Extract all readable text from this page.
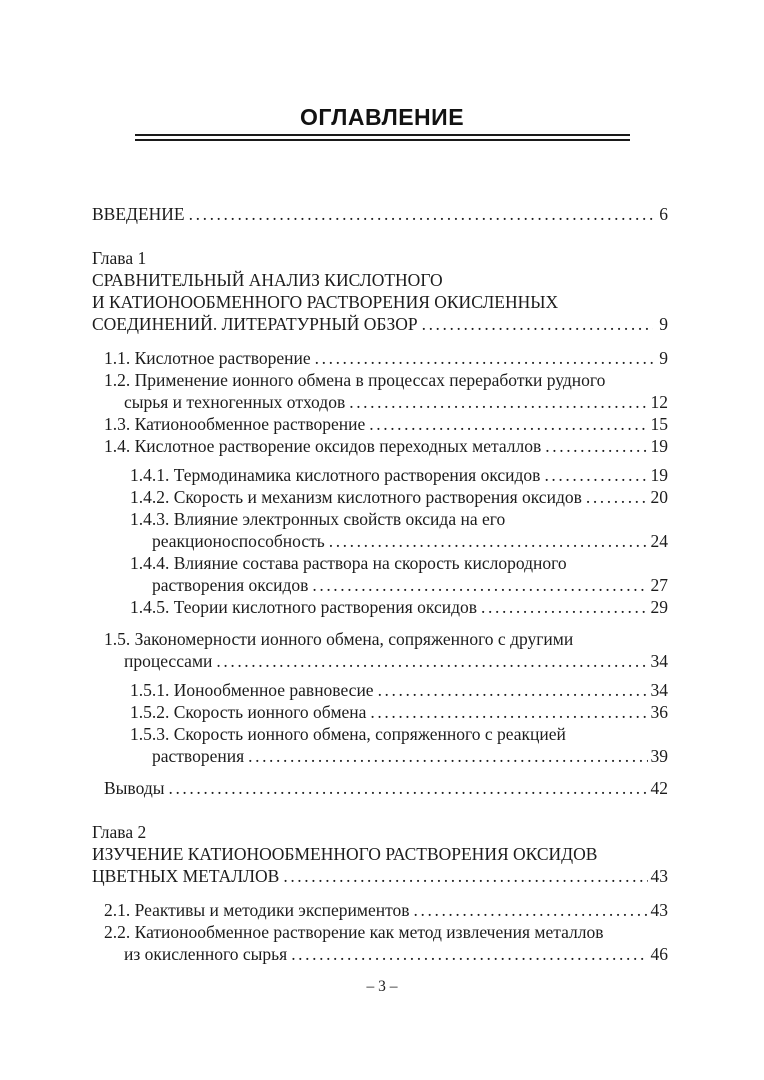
ОГЛАВЛЕНИЕ
ВВЕДЕНИЕ .....	6
Глава 1
СРАВНИТЕЛЬНЫЙ АНАЛИЗ КИСЛОТНОГО
И КАТИОНООБМЕННОГО РАСТВОРЕНИЯ ОКИСЛЕННЫХ
СОЕДИНЕНИЙ. ЛИТЕРАТУРНЫЙ ОБЗОР .....	9
1.1. Кислотное растворение .....	9
1.2. Применение ионного обмена в процессах переработки рудного
сырья и техногенных отходов .....	12
1.3. Катионообменное растворение .....	15
1.4. Кислотное растворение оксидов переходных металлов .....	19
1.4.1. Термодинамика кислотного растворения оксидов .....	19
1.4.2. Скорость и механизм кислотного растворения оксидов .....	20
1.4.3. Влияние электронных свойств оксида на его
реакционоспособность .....	24
1.4.4. Влияние состава раствора на скорость кислородного
растворения оксидов .....	27
1.4.5. Теории кислотного растворения оксидов .....	29
1.5. Закономерности ионного обмена, сопряженного с другими
процессами .....	34
1.5.1. Ионообменное равновесие .....	34
1.5.2. Скорость ионного обмена .....	36
1.5.3. Скорость ионного обмена, сопряженного с реакцией
растворения .....	39
Выводы .....	42
Глава 2
ИЗУЧЕНИЕ КАТИОНООБМЕННОГО РАСТВОРЕНИЯ ОКСИДОВ
ЦВЕТНЫХ МЕТАЛЛОВ .....	43
2.1. Реактивы и методики экспериментов .....	43
2.2. Катионообменное растворение как метод извлечения металлов
из окисленного сырья .....	46
– 3 –
